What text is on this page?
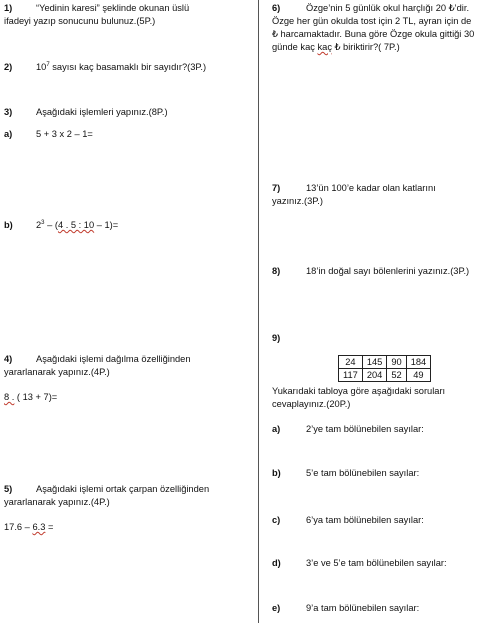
1)	“Yedinin karesi” şeklinde okunan üslü
ifadeyi yazıp sonucunu bulunuz.(5P.)
2)	$10^7$ sayısı kaç basamaklı bir sayıdır?(3P.)
3)	Aşağıdaki işlemleri yapınız.(8P.)
a)	5 + 3 x 2 – 1=
b) $2^3 - (4$ . 5 : 10 – 1)=
4)	Aşağıdaki işlemi dağılma özelliğinden
yararlanarak yapınız.(4P.)
8 . ( 13 + 7)=
5)	Aşağıdaki işlemi ortak çarpan özelliğinden
yararlanarak yapınız.(4P.)
17.6 – 6.3 =
6)	Özge’nin 5 günlük okul harçlığı 20 ₺’dir.
Özge her gün okulda tost için 2 TL, ayran için de
₺ harcamaktadır. Buna göre Özge okula gittiği 30
günde kaç kaç ₺ biriktirir?( 7P.)
7)	13’ün 100’e kadar olan katlarını
yazınız.(3P.)
8)	18’in doğal sayı bölenlerini yazınız.(3P.)
9)
24	145	90	184
117	204	52	49
Yukarıdaki tabloya göre aşağıdaki soruları
cevaplayınız.(20P.)
a)	2’ye tam bölünebilen sayılar:
b)	5’e tam bölünebilen sayılar:
c)	6’ya tam bölünebilen sayılar:
d)	3’e ve 5’e tam bölünebilen sayılar:
e)	9’a tam bölünebilen sayılar:
